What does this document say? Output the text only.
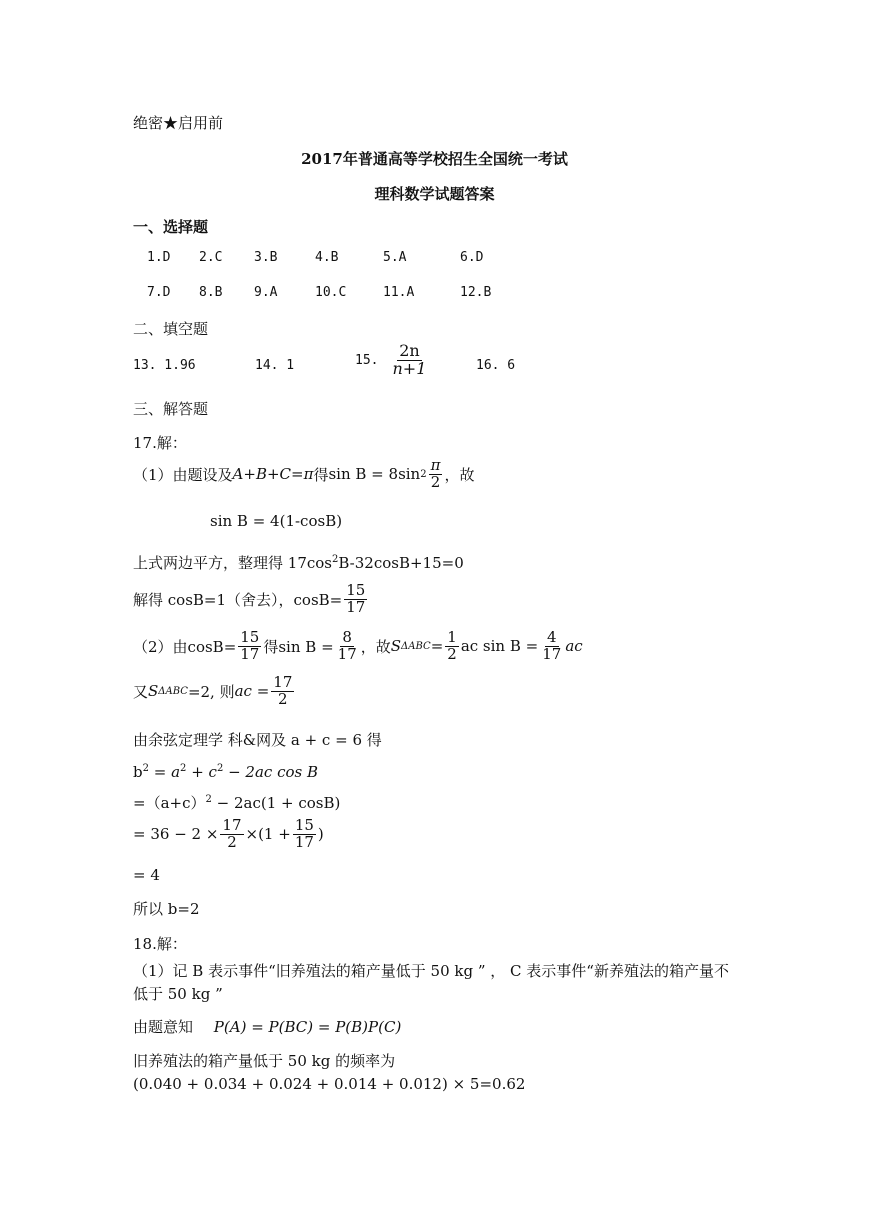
绝密★启用前
2017年普通高等学校招生全国统一考试
理科数学试题答案
一、选择题
1.D 2.C 3.B	4.B	5.A	6.D
7.D 8.B 9.A	10.C	11.A	12.B
二、填空题
13. 1.96	14. 1	15. $\frac{2n}{n+1}$	16. 6
三、解答题
17.解：
（1）由题设及 A+B+C=π 得 sin B = 8sin $2 \frac{\pi}{2}$ ，故
sin B = 4(1-cosB)
上式两边平方，整理得 $17\cos^2B-32\cos B+15=0$
解得 cosB=1（舍去），$\cos B= \frac{15}{17}$
（2）由$\cos B= \frac{15}{17}$ 得$\sin B = \frac{8}{17}$ ，故 S $\Delta ABC = \frac{1}{2}$ ac $\sin B = \frac{4}{17}$ ac
又 S ΔABC =2, 则 ac = $\frac{17}{2}$
由余弦定理学 科&网及 a + c = 6 得
$b^2 = a^2 + c^2 - 2ac$ cos B
$=(a+c)^2 - 2ac(1 + \cos B)$
= $36 - 2 \times \frac{17}{2} \times(1 + \frac{15}{17}$ )
= 4
所以 b=2
18.解：
（1）记 B 表示事件“旧养殖法的箱产量低于 50 kg ” ， C 表示事件“新养殖法的箱产量不
低于 50 kg ”
由题意知 P(A) = P(BC) = P(B)P(C)
旧养殖法的箱产量低于 50 kg 的频率为
(0.040 + 0.034 + 0.024 + 0.014 + 0.012) × 5=0.62
